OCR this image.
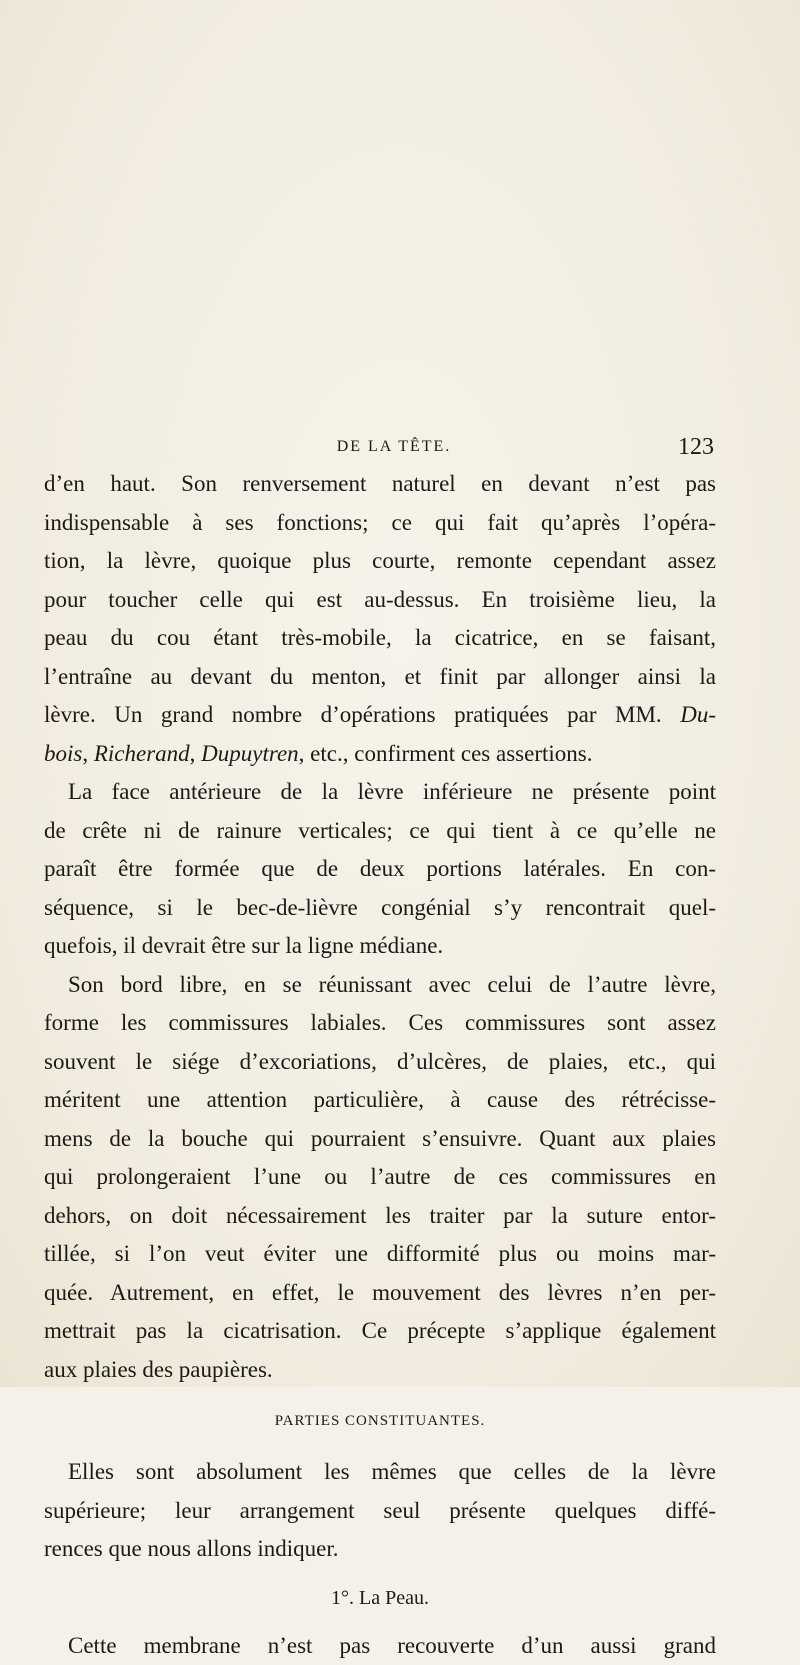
DE LA TÊTE.	123
d’en haut. Son renversement naturel en devant n’est pas
indispensable à ses fonctions; ce qui fait qu’après l’opéra-
tion, la lèvre, quoique plus courte, remonte cependant assez
pour toucher celle qui est au-dessus. En troisième lieu, la
peau du cou étant très-mobile, la cicatrice, en se faisant,
l’entraîne au devant du menton, et finit par allonger ainsi la
lèvre. Un grand nombre d’opérations pratiquées par MM. Du-
bois, Richerand, Dupuytren, etc., confirment ces assertions.
La face antérieure de la lèvre inférieure ne présente point
de crête ni de rainure verticales; ce qui tient à ce qu’elle ne
paraît être formée que de deux portions latérales. En con-
séquence, si le bec-de-lièvre congénial s’y rencontrait quel-
quefois, il devrait être sur la ligne médiane.
Son bord libre, en se réunissant avec celui de l’autre lèvre,
forme les commissures labiales. Ces commissures sont assez
souvent le siége d’excoriations, d’ulcères, de plaies, etc., qui
méritent une attention particulière, à cause des rétrécisse-
mens de la bouche qui pourraient s’ensuivre. Quant aux plaies
qui prolongeraient l’une ou l’autre de ces commissures en
dehors, on doit nécessairement les traiter par la suture entor-
tillée, si l’on veut éviter une difformité plus ou moins mar-
quée. Autrement, en effet, le mouvement des lèvres n’en per-
mettrait pas la cicatrisation. Ce précepte s’applique également
aux plaies des paupières.
PARTIES CONSTITUANTES.
Elles sont absolument les mêmes que celles de la lèvre
supérieure; leur arrangement seul présente quelques diffé-
rences que nous allons indiquer.
1°. La Peau.
Cette membrane n’est pas recouverte d’un aussi grand
